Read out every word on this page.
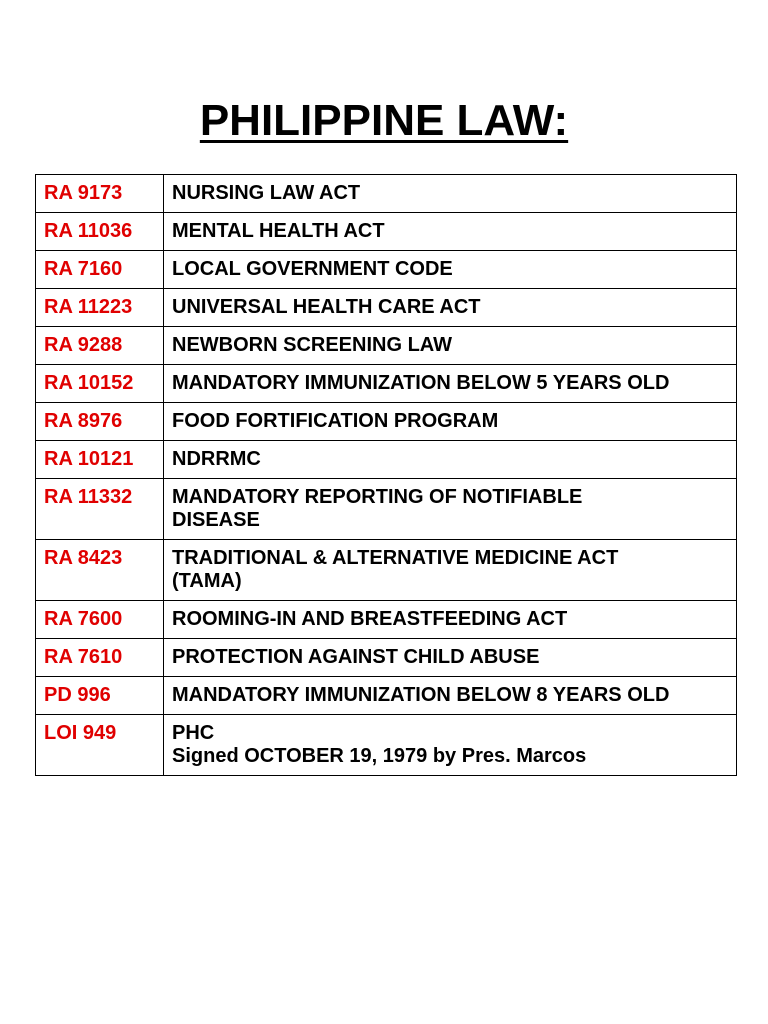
PHILIPPINE LAW:
RA 9173	NURSING LAW ACT

RA 11036	MENTAL HEALTH ACT

RA 7160	LOCAL GOVERNMENT CODE

RA 11223	UNIVERSAL HEALTH CARE ACT

RA 9288	NEWBORN SCREENING LAW

RA 10152	MANDATORY IMMUNIZATION BELOW 5 YEARS OLD

RA 8976	FOOD FORTIFICATION PROGRAM

RA 10121	NDRRMC

RA 11332	MANDATORY REPORTING OF NOTIFIABLE
DISEASE

RA 8423	TRADITIONAL & ALTERNATIVE MEDICINE ACT
(TAMA)

RA 7600	ROOMING-IN AND BREASTFEEDING ACT

RA 7610	PROTECTION AGAINST CHILD ABUSE

PD 996	MANDATORY IMMUNIZATION BELOW 8 YEARS OLD

LOI 949	PHC
Signed OCTOBER 19, 1979 by Pres. Marcos
